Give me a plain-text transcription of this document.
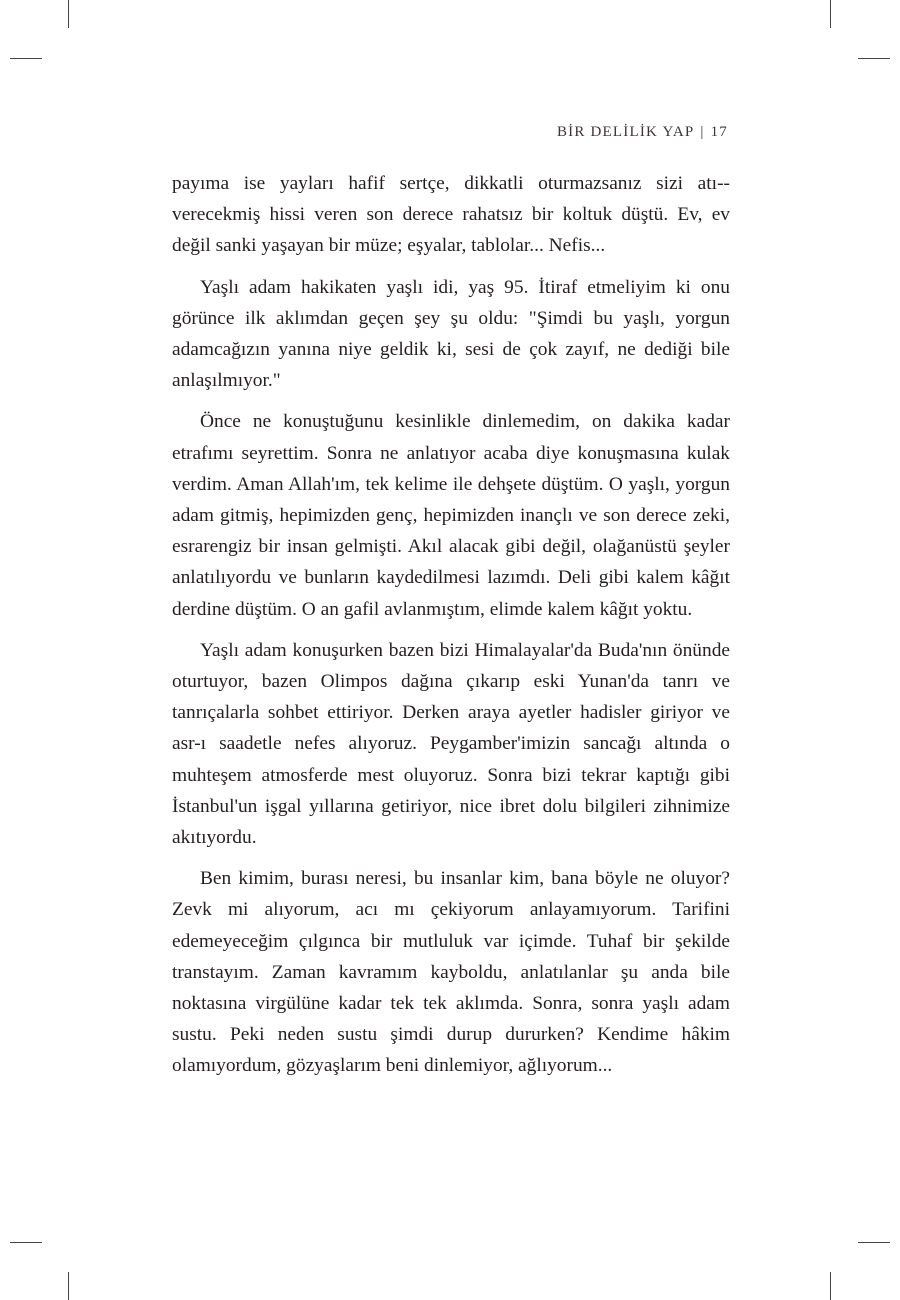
BİR DELİLİK YAP | 17

payıma ise yayları hafif sertçe, dikkatli oturmazsanız sizi atı-verecekmiş hissi veren son derece rahatsız bir koltuk düştü. Ev, ev değil sanki yaşayan bir müze; eşyalar, tablolar... Nefis...

Yaşlı adam hakikaten yaşlı idi, yaş 95. İtiraf etmeliyim ki onu görünce ilk aklımdan geçen şey şu oldu: "Şimdi bu yaşlı, yorgun adamcağızın yanına niye geldik ki, sesi de çok zayıf, ne dediği bile anlaşılmıyor."

Önce ne konuştuğunu kesinlikle dinlemedim, on dakika kadar etrafımı seyrettim. Sonra ne anlatıyor acaba diye konuşmasına kulak verdim. Aman Allah'ım, tek kelime ile dehşete düştüm. O yaşlı, yorgun adam gitmiş, hepimizden genç, hepimizden inançlı ve son derece zeki, esrarengiz bir insan gelmişti. Akıl alacak gibi değil, olağanüstü şeyler anlatılıyordu ve bunların kaydedilmesi lazımdı. Deli gibi kalem kâğıt derdine düştüm. O an gafil avlanmıştım, elimde kalem kâğıt yoktu.

Yaşlı adam konuşurken bazen bizi Himalayalar'da Buda'nın önünde oturtuyor, bazen Olimpos dağına çıkarıp eski Yunan'da tanrı ve tanrıçalarla sohbet ettiriyor. Derken araya ayetler hadisler giriyor ve asr-ı saadetle nefes alıyoruz. Peygamber'imizin sancağı altında o muhteşem atmosferde mest oluyoruz. Sonra bizi tekrar kaptığı gibi İstanbul'un işgal yıllarına getiriyor, nice ibret dolu bilgileri zihnimize akıtıyordu.

Ben kimim, burası neresi, bu insanlar kim, bana böyle ne oluyor? Zevk mi alıyorum, acı mı çekiyorum anlayamıyorum. Tarifini edemeyeceğim çılgınca bir mutluluk var içimde. Tuhaf bir şekilde transtayım. Zaman kavramım kayboldu, anlatılanlar şu anda bile noktasına virgülüne kadar tek tek aklımda. Sonra, sonra yaşlı adam sustu. Peki neden sustu şimdi durup dururken? Kendime hâkim olamıyordum, gözyaşlarım beni dinlemiyor, ağlıyorum...
